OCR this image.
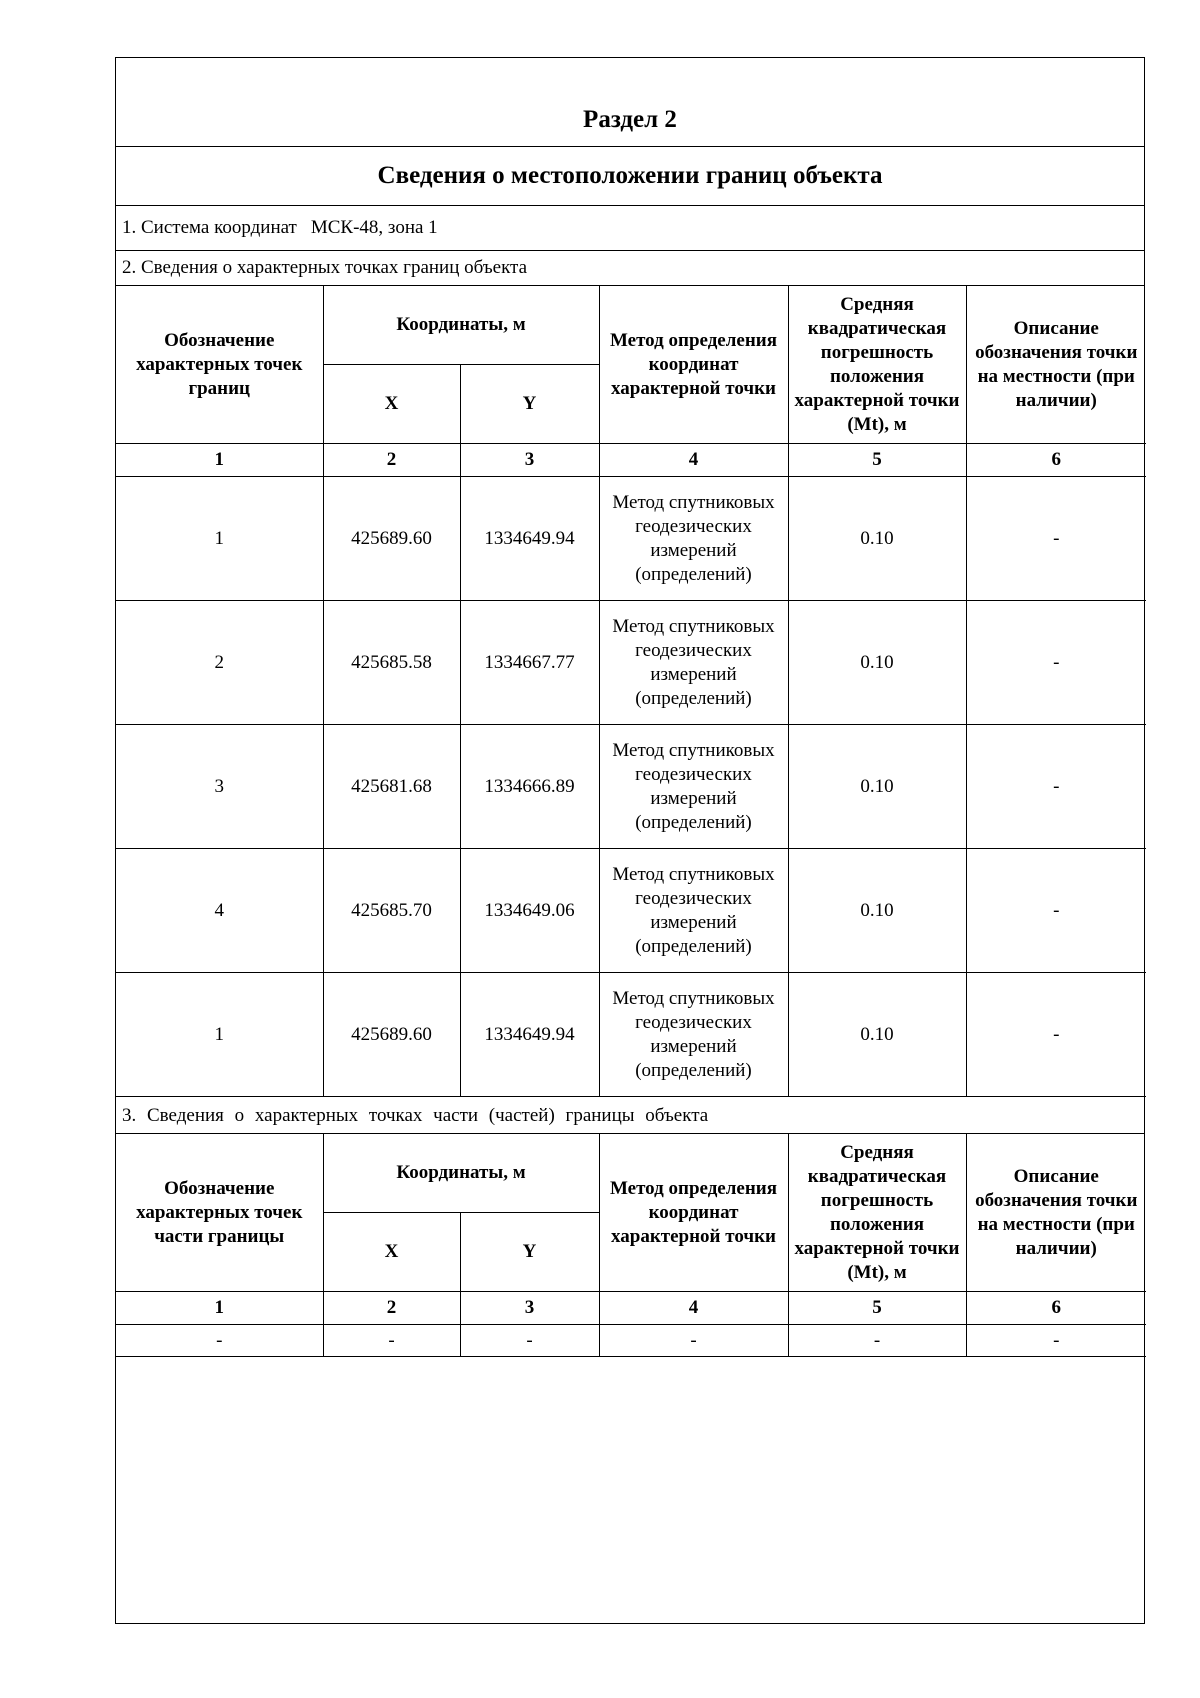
Раздел 2
Сведения о местоположении границ объекта
1. Система координат МСК-48, зона 1
2. Сведения о характерных точках границ объекта
Обозначение характерных точек границ	Координаты, м		Метод определения координат характерной точки	Средняя квадратическая погрешность положения характерной точки (Mt), м	Описание обозначения точки на местности (при наличии)
	X	Y			
1	2	3	4	5	6
1	425689.60	1334649.94	Метод спутниковых геодезических измерений (определений)	0.10	-
2	425685.58	1334667.77	Метод спутниковых геодезических измерений (определений)	0.10	-
3	425681.68	1334666.89	Метод спутниковых геодезических измерений (определений)	0.10	-
4	425685.70	1334649.06	Метод спутниковых геодезических измерений (определений)	0.10	-
1	425689.60	1334649.94	Метод спутниковых геодезических измерений (определений)	0.10	-
3. Сведения о характерных точках части (частей) границы объекта
Обозначение характерных точек части границы	Координаты, м		Метод определения координат характерной точки	Средняя квадратическая погрешность положения характерной точки (Mt), м	Описание обозначения точки на местности (при наличии)
	X	Y			
1	2	3	4	5	6
-	-	-	-	-	-
